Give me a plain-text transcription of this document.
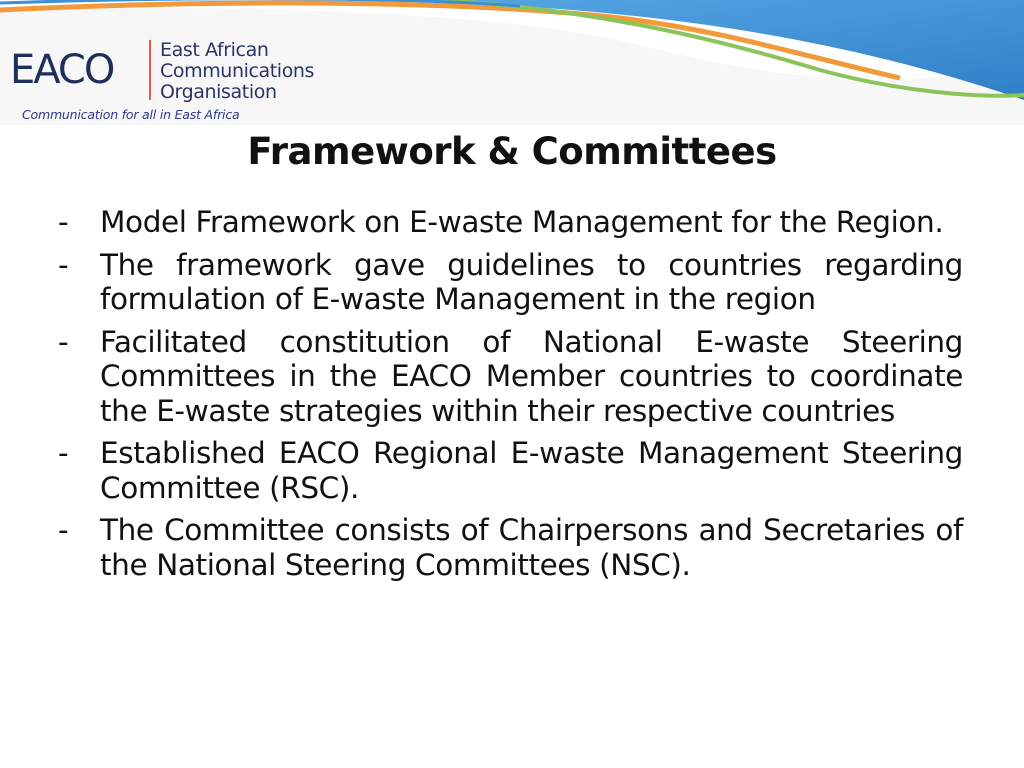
EACO East African
Communications
Organisation
Communication for all in East Africa
Framework & Committees
- Model Framework on E-waste Management for the Region.
- The framework gave guidelines to countries regarding formulation of E-waste Management in the region
- Facilitated constitution of National E-waste Steering Committees in the EACO Member countries to coordinate the E-waste strategies within their respective countries
- Established EACO Regional E-waste Management Steering Committee (RSC).
- The Committee consists of Chairpersons and Secretaries of the National Steering Committees (NSC).
